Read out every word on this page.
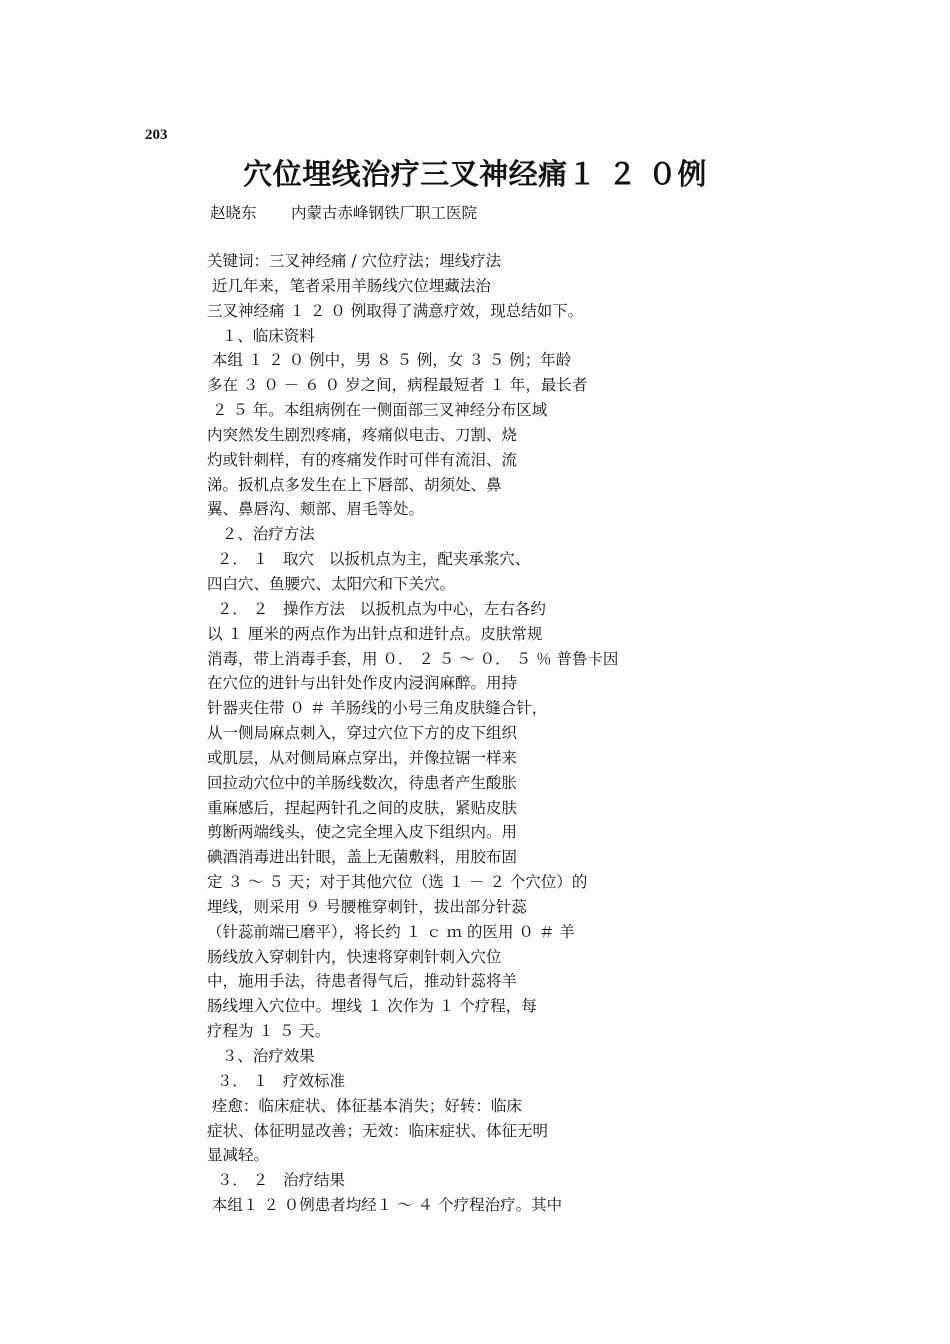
203
穴位埋线治疗三叉神经痛１ ２ ０例
赵晓东 内蒙古赤峰钢铁厂职工医院
关键词：三叉神经痛 / 穴位疗法；埋线疗法
近几年来，笔者采用羊肠线穴位埋藏法治
三叉神经痛 １ ２ ０ 例取得了满意疗效，现总结如下。
１、临床资料
本组 １ ２ ０ 例中，男 ８ ５ 例，女 ３ ５ 例；年龄
多在 ３ ０ － ６ ０ 岁之间，病程最短者 １ 年，最长者
２ ５ 年。本组病例在一侧面部三叉神经分布区域
内突然发生剧烈疼痛，疼痛似电击、刀割、烧
灼或针刺样，有的疼痛发作时可伴有流泪、流
涕。扳机点多发生在上下唇部、胡须处、鼻
翼、鼻唇沟、颊部、眉毛等处。
２、治疗方法
２． １   取穴   以扳机点为主，配夹承浆穴、
四白穴、鱼腰穴、太阳穴和下关穴。
２． ２   操作方法   以扳机点为中心，左右各约
以 １ 厘米的两点作为出针点和进针点。皮肤常规
消毒，带上消毒手套，用 ０． ２ ５ ～ ０． ５ ％ 普鲁卡因
在穴位的进针与出针处作皮内浸润麻醉。用持
针器夹住带 ０ ＃ 羊肠线的小号三角皮肤缝合针，
从一侧局麻点刺入，穿过穴位下方的皮下组织
或肌层，从对侧局麻点穿出，并像拉锯一样来
回拉动穴位中的羊肠线数次，待患者产生酸胀
重麻感后，捏起两针孔之间的皮肤，紧贴皮肤
剪断两端线头，使之完全埋入皮下组织内。用
碘酒消毒进出针眼，盖上无菌敷料，用胶布固
定 ３ ～ ５ 天；对于其他穴位（选 １ － ２ 个穴位）的
埋线，则采用 ９ 号腰椎穿刺针，拔出部分针蕊
（针蕊前端已磨平），将长约 １ ｃ ｍ 的医用 ０ ＃ 羊
肠线放入穿刺针内，快速将穿刺针刺入穴位
中，施用手法，待患者得气后，推动针蕊将羊
肠线埋入穴位中。埋线 １ 次作为 １ 个疗程，每
疗程为 １ ５ 天。
３、治疗效果
３． １   疗效标准
痊愈：临床症状、体征基本消失；好转：临床
症状、体征明显改善；无效：临床症状、体征无明
显减轻。
３． ２   治疗结果
本组１ ２ ０例患者均经１ ～ ４ 个疗程治疗。其中
